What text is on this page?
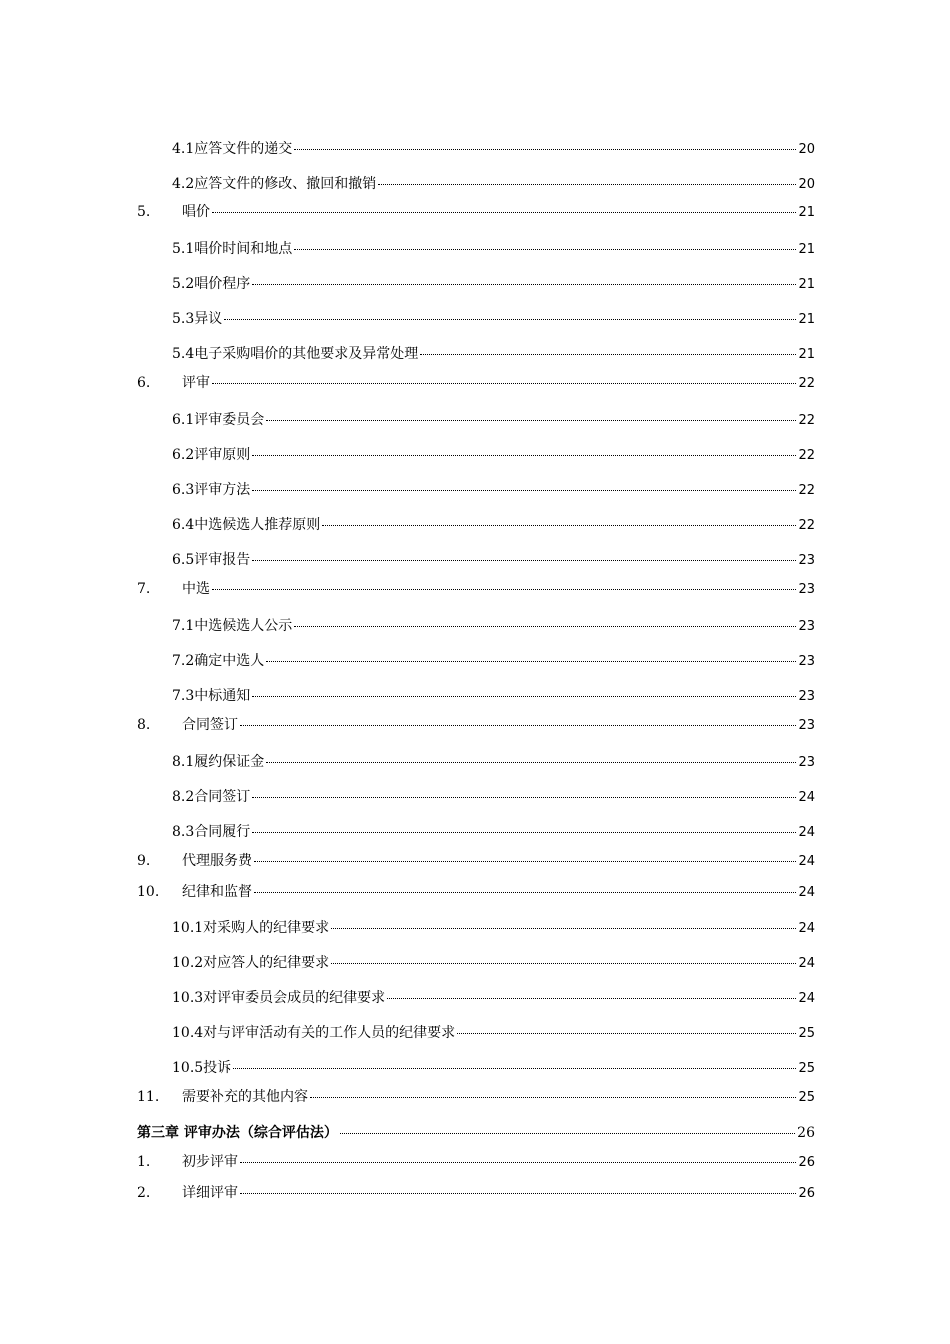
4.1应答文件的递交	20
4.2应答文件的修改、撤回和撤销	20
5.	唱价	21
5.1唱价时间和地点	21
5.2唱价程序	21
5.3异议	21
5.4电子采购唱价的其他要求及异常处理	21
6.	评审	22
6.1评审委员会	22
6.2评审原则	22
6.3评审方法	22
6.4中选候选人推荐原则	22
6.5评审报告	23
7.	中选	23
7.1中选候选人公示	23
7.2确定中选人	23
7.3中标通知	23
8.	合同签订	23
8.1履约保证金	23
8.2合同签订	24
8.3合同履行	24
9.	代理服务费	24
10.	纪律和监督	24
10.1对采购人的纪律要求	24
10.2对应答人的纪律要求	24
10.3对评审委员会成员的纪律要求	24
10.4对与评审活动有关的工作人员的纪律要求	25
10.5投诉	25
11.	需要补充的其他内容	25
第三章 评审办法（综合评估法）	26
1.	初步评审	26
2.	详细评审	26
